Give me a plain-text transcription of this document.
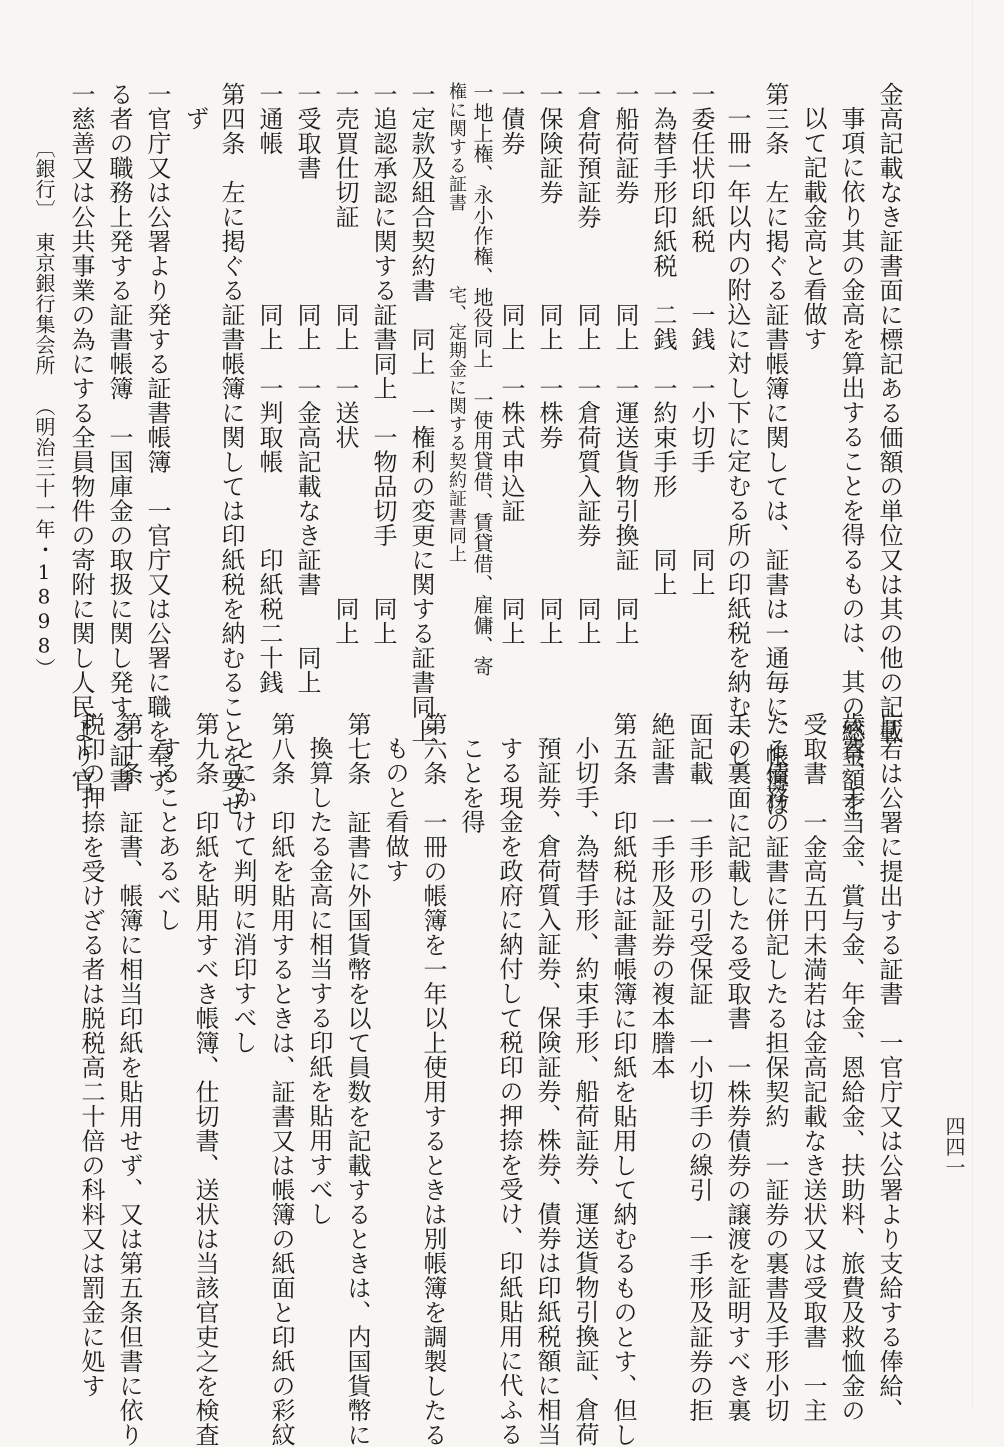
金高記載なき証書面に標記ある価額の単位又は其の他の記載
事項に依り其の金高を算出することを得るものは、其の総金額を
以て記載金高と看做す
第三条　左に掲ぐる証書帳簿に関しては、証書は一通毎に、帳簿は
一冊一年以内の附込に対し下に定むる所の印紙税を納むへし
一委任状印紙税　　一銭　一小切手　　　同上
一為替手形印紙税　二銭　一約束手形　　同上
一船荷証券　　　　同上　一運送貨物引換証　同上
一倉荷預証券　　　同上　一倉荷質入証券　　同上
一保険証券　　　　同上　一株券　　　　　　同上
一債券　　　　　　同上　一株式申込証　　　同上
一地上権、永小作権、地役同上　一使用貸借、賃貸借、雇傭、寄
権に関する証書　　　　宅、定期金に関する契約証書同上
一定款及組合契約書　同上　一権利の変更に関する証書同上
一追認承認に関する証書同上　一物品切手　　同上
一売買仕切証　　　同上　一送状　　　　　　同上
一受取書　　　　　同上　一金高記載なき証書　　同上
一通帳　　　　　　同上　一判取帳　　　印紙税二十銭
第四条　左に掲ぐる証書帳簿に関しては印紙税を納むることを要せ
ず
一官庁又は公署より発する証書帳簿　一官庁又は公署に職を奉ず
る者の職務上発する証書帳簿　一国庫金の取扱に関し発する証書
一慈善又は公共事業の為にする全員物件の寄附に関し人民より官
〔銀行〕
東京銀行集会所
（明治三十一年・1898）
庁若は公署に提出する証書　一官庁又は公署より支給する俸給、
歳費、手当金、賞与金、年金、恩給金、扶助料、旅費及救恤金の
受取書　一金高五円未満若は金高記載なき送状又は受取書　一主
たる債務の証書に併記したる担保契約　一証券の裏書及手形小切
手の裏面に記載したる受取書　一株券債券の譲渡を証明すべき裏
面記載　一手形の引受保証　一小切手の線引　一手形及証券の拒
絶証書　一手形及証券の複本謄本
第五条　印紙税は証書帳簿に印紙を貼用して納むるものとす、但し
小切手、為替手形、約束手形、船荷証券、運送貨物引換証、倉荷
預証券、倉荷質入証券、保険証券、株券、債券は印紙税額に相当
する現金を政府に納付して税印の押捺を受け、印紙貼用に代ふる
ことを得
第六条　一冊の帳簿を一年以上使用するときは別帳簿を調製したる
ものと看做す
第七条　証書に外国貨幣を以て員数を記載するときは、内国貨幣に
換算したる金高に相当する印紙を貼用すべし
第八条　印紙を貼用するときは、証書又は帳簿の紙面と印紙の彩紋
とにかけて判明に消印すべし
第九条　印紙を貼用すべき帳簿、仕切書、送状は当該官吏之を検査
することあるべし
第十条　証書、帳簿に相当印紙を貼用せず、又は第五条但書に依り
税印の押捺を受けざる者は脱税高二十倍の科料又は罰金に処す	四四一
